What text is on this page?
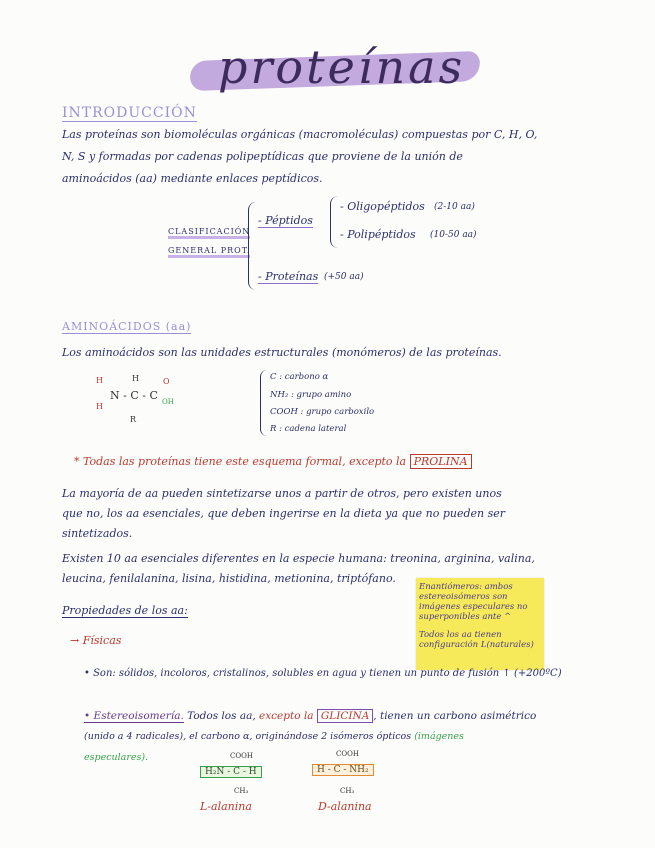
proteínas
INTRODUCCIÓN
Las proteínas son biomoléculas orgánicas (macromoléculas) compuestas por C, H, O,
N, S y formadas por cadenas polipeptídicas que proviene de la unión de
aminoácidos (aa) mediante enlaces peptídicos.
CLASIFICACIÓN
GENERAL PROT.
- Péptidos
- Oligopéptidos (2-10 aa)
- Polipéptidos (10-50 aa)
- Proteínas (+50 aa)
AMINOÁCIDOS (aa)
Los aminoácidos son las unidades estructurales (monómeros) de las proteínas.
H
H
H
N - C - C
O
OH
R
C : carbono α
NH₂ : grupo amino
COOH : grupo carboxilo
R : cadena lateral
* Todas las proteínas tiene este esquema formal, excepto la PROLINA
La mayoría de aa pueden sintetizarse unos a partir de otros, pero existen unos
que no, los aa esenciales, que deben ingerirse en la dieta ya que no pueden ser
sintetizados.
Existen 10 aa esenciales diferentes en la especie humana: treonina, arginina, valina,
leucina, fenilalanina, lisina, histidina, metionina, triptófano.
Enantiómeros: ambos estereoisómeros son imágenes especulares no superponibles ante ^
Todos los aa tienen configuración L(naturales)
Propiedades de los aa:
→ Físicas
• Son: sólidos, incoloros, cristalinos, solubles en agua y tienen un punto de fusión ↑ (+200ºC)
• Estereoisomería. Todos los aa, excepto la GLICINA , tienen un carbono asimétrico
(unido a 4 radicales), el carbono α, originándose 2 isómeros ópticos (imágenes
especulares).	COOH
H₂N - C - H
CH₃
L-alanina
COOH
H - C - NH₂
CH₃
D-alanina
